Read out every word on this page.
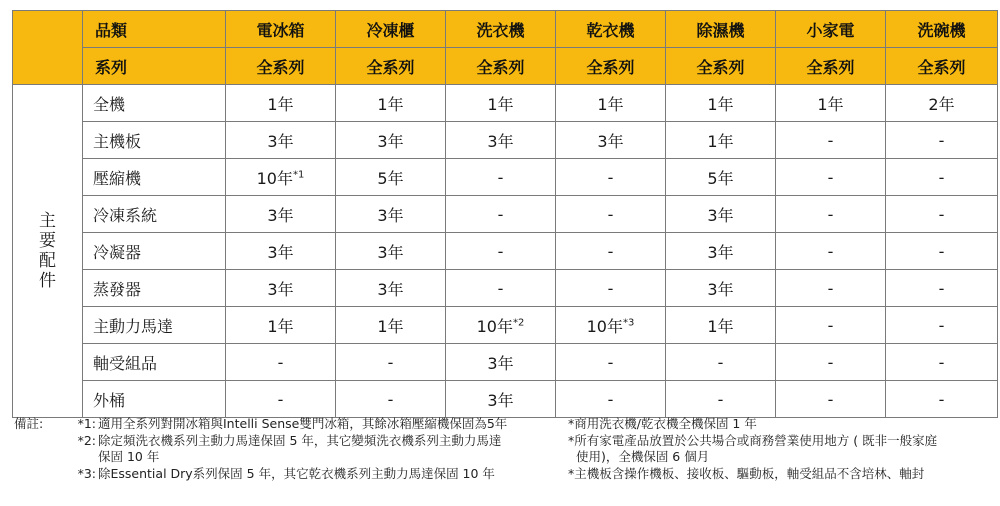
	品類	電冰箱	冷凍櫃	洗衣機	乾衣機	除濕機	小家電	洗碗機
	系列	全系列	全系列	全系列	全系列	全系列	全系列	全系列

主
要
配
件	全機	1年	1年	1年	1年	1年	1年	2年
	主機板	3年	3年	3年	3年	1年	-	-
	壓縮機	10年$^{*1}$	5年	-	-	5年	-	-
	冷凍系統	3年	3年	-	-	3年	-	-
	冷凝器	3年	3年	-	-	3年	-	-
	蒸發器	3年	3年	-	-	3年	-	-
	主動力馬達	1年	1年	10年$^{*2}$	10年$^{*3}$	1年	-	-
	軸受組品	-	-	3年	-	-	-	-
	外桶	-	-	3年	-	-	-	-
備註:	*1: 適用全系列對開冰箱與Intelli Sense雙門冰箱，其餘冰箱壓縮機保固為5年
*2: 除定頻洗衣機系列主動力馬達保固 5 年，其它變頻洗衣機系列主動力馬達
保固 10 年
*3: 除Essential Dry系列保固 5 年，其它乾衣機系列主動力馬達保固 10 年
*商用洗衣機/乾衣機全機保固 1 年
*所有家電產品放置於公共場合或商務營業使用地方 ( 既非一般家庭
使用)，全機保固 6 個月
*主機板含操作機板、接收板、驅動板，軸受組品不含培林、軸封
